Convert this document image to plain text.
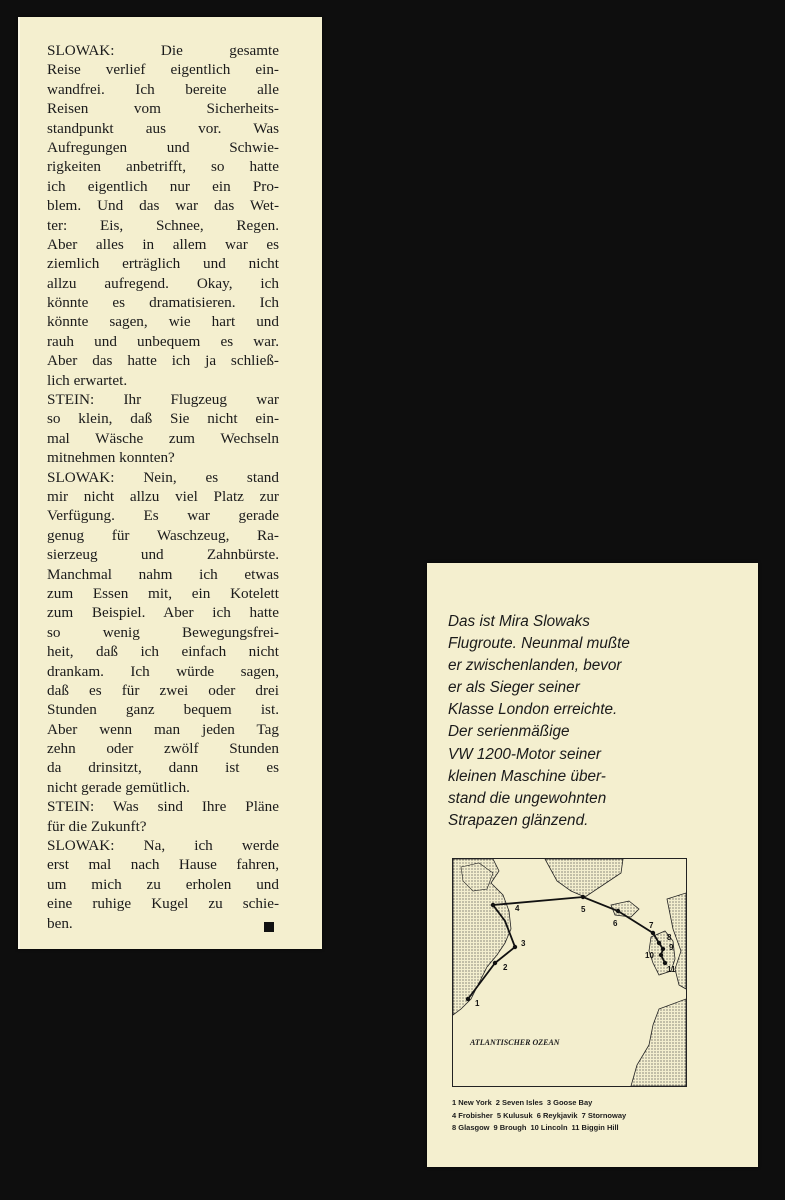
SLOWAK: Die gesamte
Reise verlief eigentlich ein-
wandfrei. Ich bereite alle
Reisen vom Sicherheits-
standpunkt aus vor. Was
Aufregungen und Schwie-
rigkeiten anbetrifft, so hatte
ich eigentlich nur ein Pro-
blem. Und das war das Wet-
ter: Eis, Schnee, Regen.
Aber alles in allem war es
ziemlich erträglich und nicht
allzu aufregend. Okay, ich
könnte es dramatisieren. Ich
könnte sagen, wie hart und
rauh und unbequem es war.
Aber das hatte ich ja schließ-
lich erwartet.
STEIN: Ihr Flugzeug war
so klein, daß Sie nicht ein-
mal Wäsche zum Wechseln
mitnehmen konnten?
SLOWAK: Nein, es stand
mir nicht allzu viel Platz zur
Verfügung. Es war gerade
genug für Waschzeug, Ra-
sierzeug und Zahnbürste.
Manchmal nahm ich etwas
zum Essen mit, ein Kotelett
zum Beispiel. Aber ich hatte
so wenig Bewegungsfrei-
heit, daß ich einfach nicht
drankam. Ich würde sagen,
daß es für zwei oder drei
Stunden ganz bequem ist.
Aber wenn man jeden Tag
zehn oder zwölf Stunden
da drinsitzt, dann ist es
nicht gerade gemütlich.
STEIN: Was sind Ihre Pläne
für die Zukunft?
SLOWAK: Na, ich werde
erst mal nach Hause fahren,
um mich zu erholen und
eine ruhige Kugel zu schie-
ben.
Das ist Mira Slowaks
Flugroute. Neunmal mußte
er zwischenlanden, bevor
er als Sieger seiner
Klasse London erreichte.
Der serienmäßige
VW 1200-Motor seiner
kleinen Maschine über-
stand die ungewohnten
Strapazen glänzend.
1
2
3
4	5
6	7
8
9
10
11
ATLANTISCHER OZEAN
1 New York 2 Seven Isles 3 Goose Bay
4 Frobisher 5 Kulusuk 6 Reykjavik 7 Stornoway
8 Glasgow 9 Brough 10 Lincoln 11 Biggin Hill
